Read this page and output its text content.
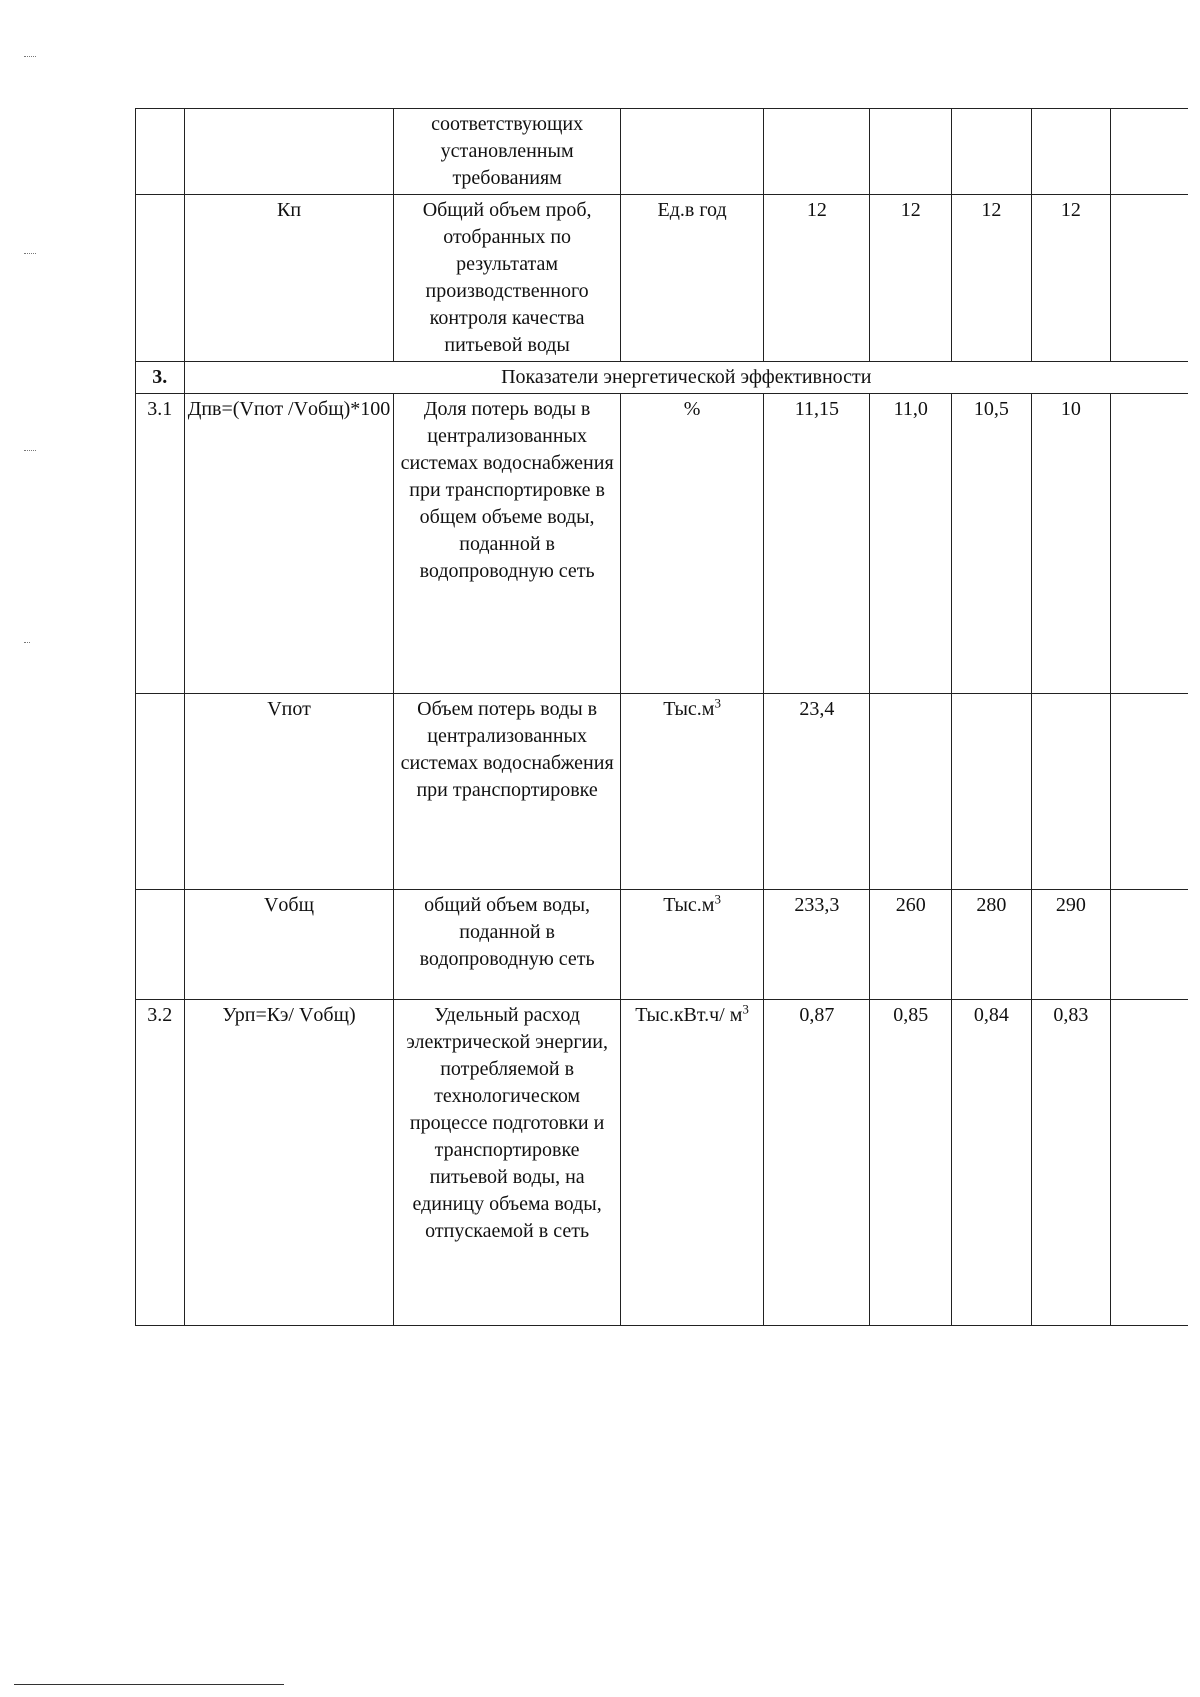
		соответствующих установленным требованиям						
	Кп	Общий объем проб, отобранных по результатам производственного контроля качества питьевой воды	Ед.в год	12	12	12	12	
3.	Показатели энергетической эффективности							
3.1	Дпв=(Vпот /Vобщ)*100	Доля потерь воды в централизованных системах водоснабжения при транспортировке в общем объеме воды, поданной в водопроводную сеть	%	11,15	11,0	10,5	10	
	Vпот	Объем потерь воды в централизованных системах водоснабжения при транспортировке	$Тыс.м^3$	23,4				
	Vобщ	общий объем воды, поданной в водопроводную сеть	$Тыс.м^3$	233,3	260	280	290	
3.2	Урп=Кэ/ Vобщ)	Удельный расход электрической энергии, потребляемой в технологическом процессе подготовки и транспортировке питьевой воды, на единицу объема воды, отпускаемой в сеть	Тыс.кВт.ч/ $м^3$	0,87	0,85	0,84	0,83	
